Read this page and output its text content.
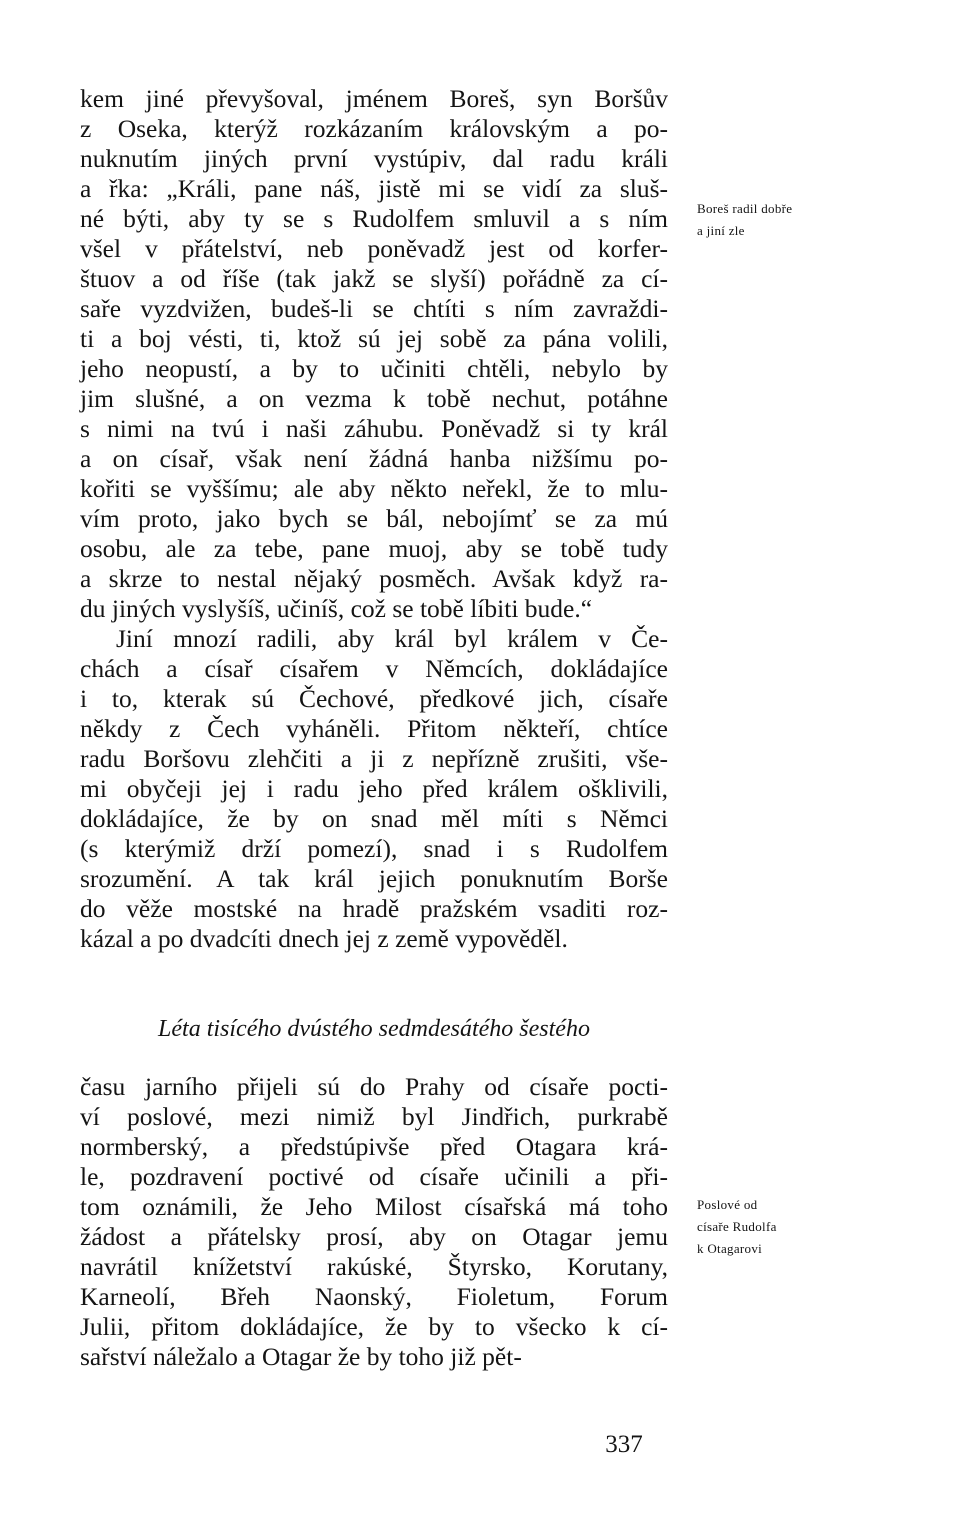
kem jiné převyšoval, jménem Boreš, syn Boršův
z Oseka, kterýž rozkázaním královským a po-
nuknutím jiných první vystúpiv, dal radu králi
a řka: „Králi, pane náš, jistě mi se vidí za sluš-
né býti, aby ty se s Rudolfem smluvil a s ním
všel v přátelství, neb poněvadž jest od korfer-
štuov a od říše (tak jakž se slyší) pořádně za cí-
saře vyzdvižen, budeš-li se chtíti s ním zavraždi-
ti a boj vésti, ti, ktož sú jej sobě za pána volili,
jeho neopustí, a by to učiniti chtěli, nebylo by
jim slušné, a on vezma k tobě nechut, potáhne
s nimi na tvú i naši záhubu. Poněvadž si ty král
a on císař, však není žádná hanba nižšímu po-
kořiti se vyššímu; ale aby někto neřekl, že to mlu-
vím proto, jako bych se bál, nebojímť se za mú
osobu, ale za tebe, pane muoj, aby se tobě tudy
a skrze to nestal nějaký posměch. Avšak když ra-
du jiných vyslyšíš, učiníš, což se tobě líbiti bude.“
Jiní mnozí radili, aby král byl králem v Če-
chách a císař císařem v Němcích, dokládajíce
i to, kterak sú Čechové, předkové jich, císaře
někdy z Čech vyháněli. Přitom někteří, chtíce
radu Boršovu zlehčiti a ji z nepřízně zrušiti, vše-
mi obyčeji jej i radu jeho před králem ošklivili,
dokládajíce, že by on snad měl míti s Němci
(s kterýmiž drží pomezí), snad i s Rudolfem
srozumění. A tak král jejich ponuknutím Borše
do věže mostské na hradě pražském vsaditi roz-
kázal a po dvadcíti dnech jej z země vypověděl.
Léta tisícého dvústého sedmdesátého šestého
času jarního přijeli sú do Prahy od císaře pocti-
ví poslové, mezi nimiž byl Jindřich, purkrabě
normberský, a předstúpivše před Otagara krá-
le, pozdravení poctivé od císaře učinili a při-
tom oznámili, že Jeho Milost císařská má toho
žádost a přátelsky prosí, aby on Otagar jemu
navrátil knížetství rakúské, Štyrsko, Korutany,
Karneolí, Břeh Naonský, Fioletum, Forum
Julii, přitom dokládajíce, že by to všecko k cí-
sařství náležalo a Otagar že by toho již pět-
Boreš radil dobře
a jiní zle
Poslové od
císaře Rudolfa
k Otagarovi
337
